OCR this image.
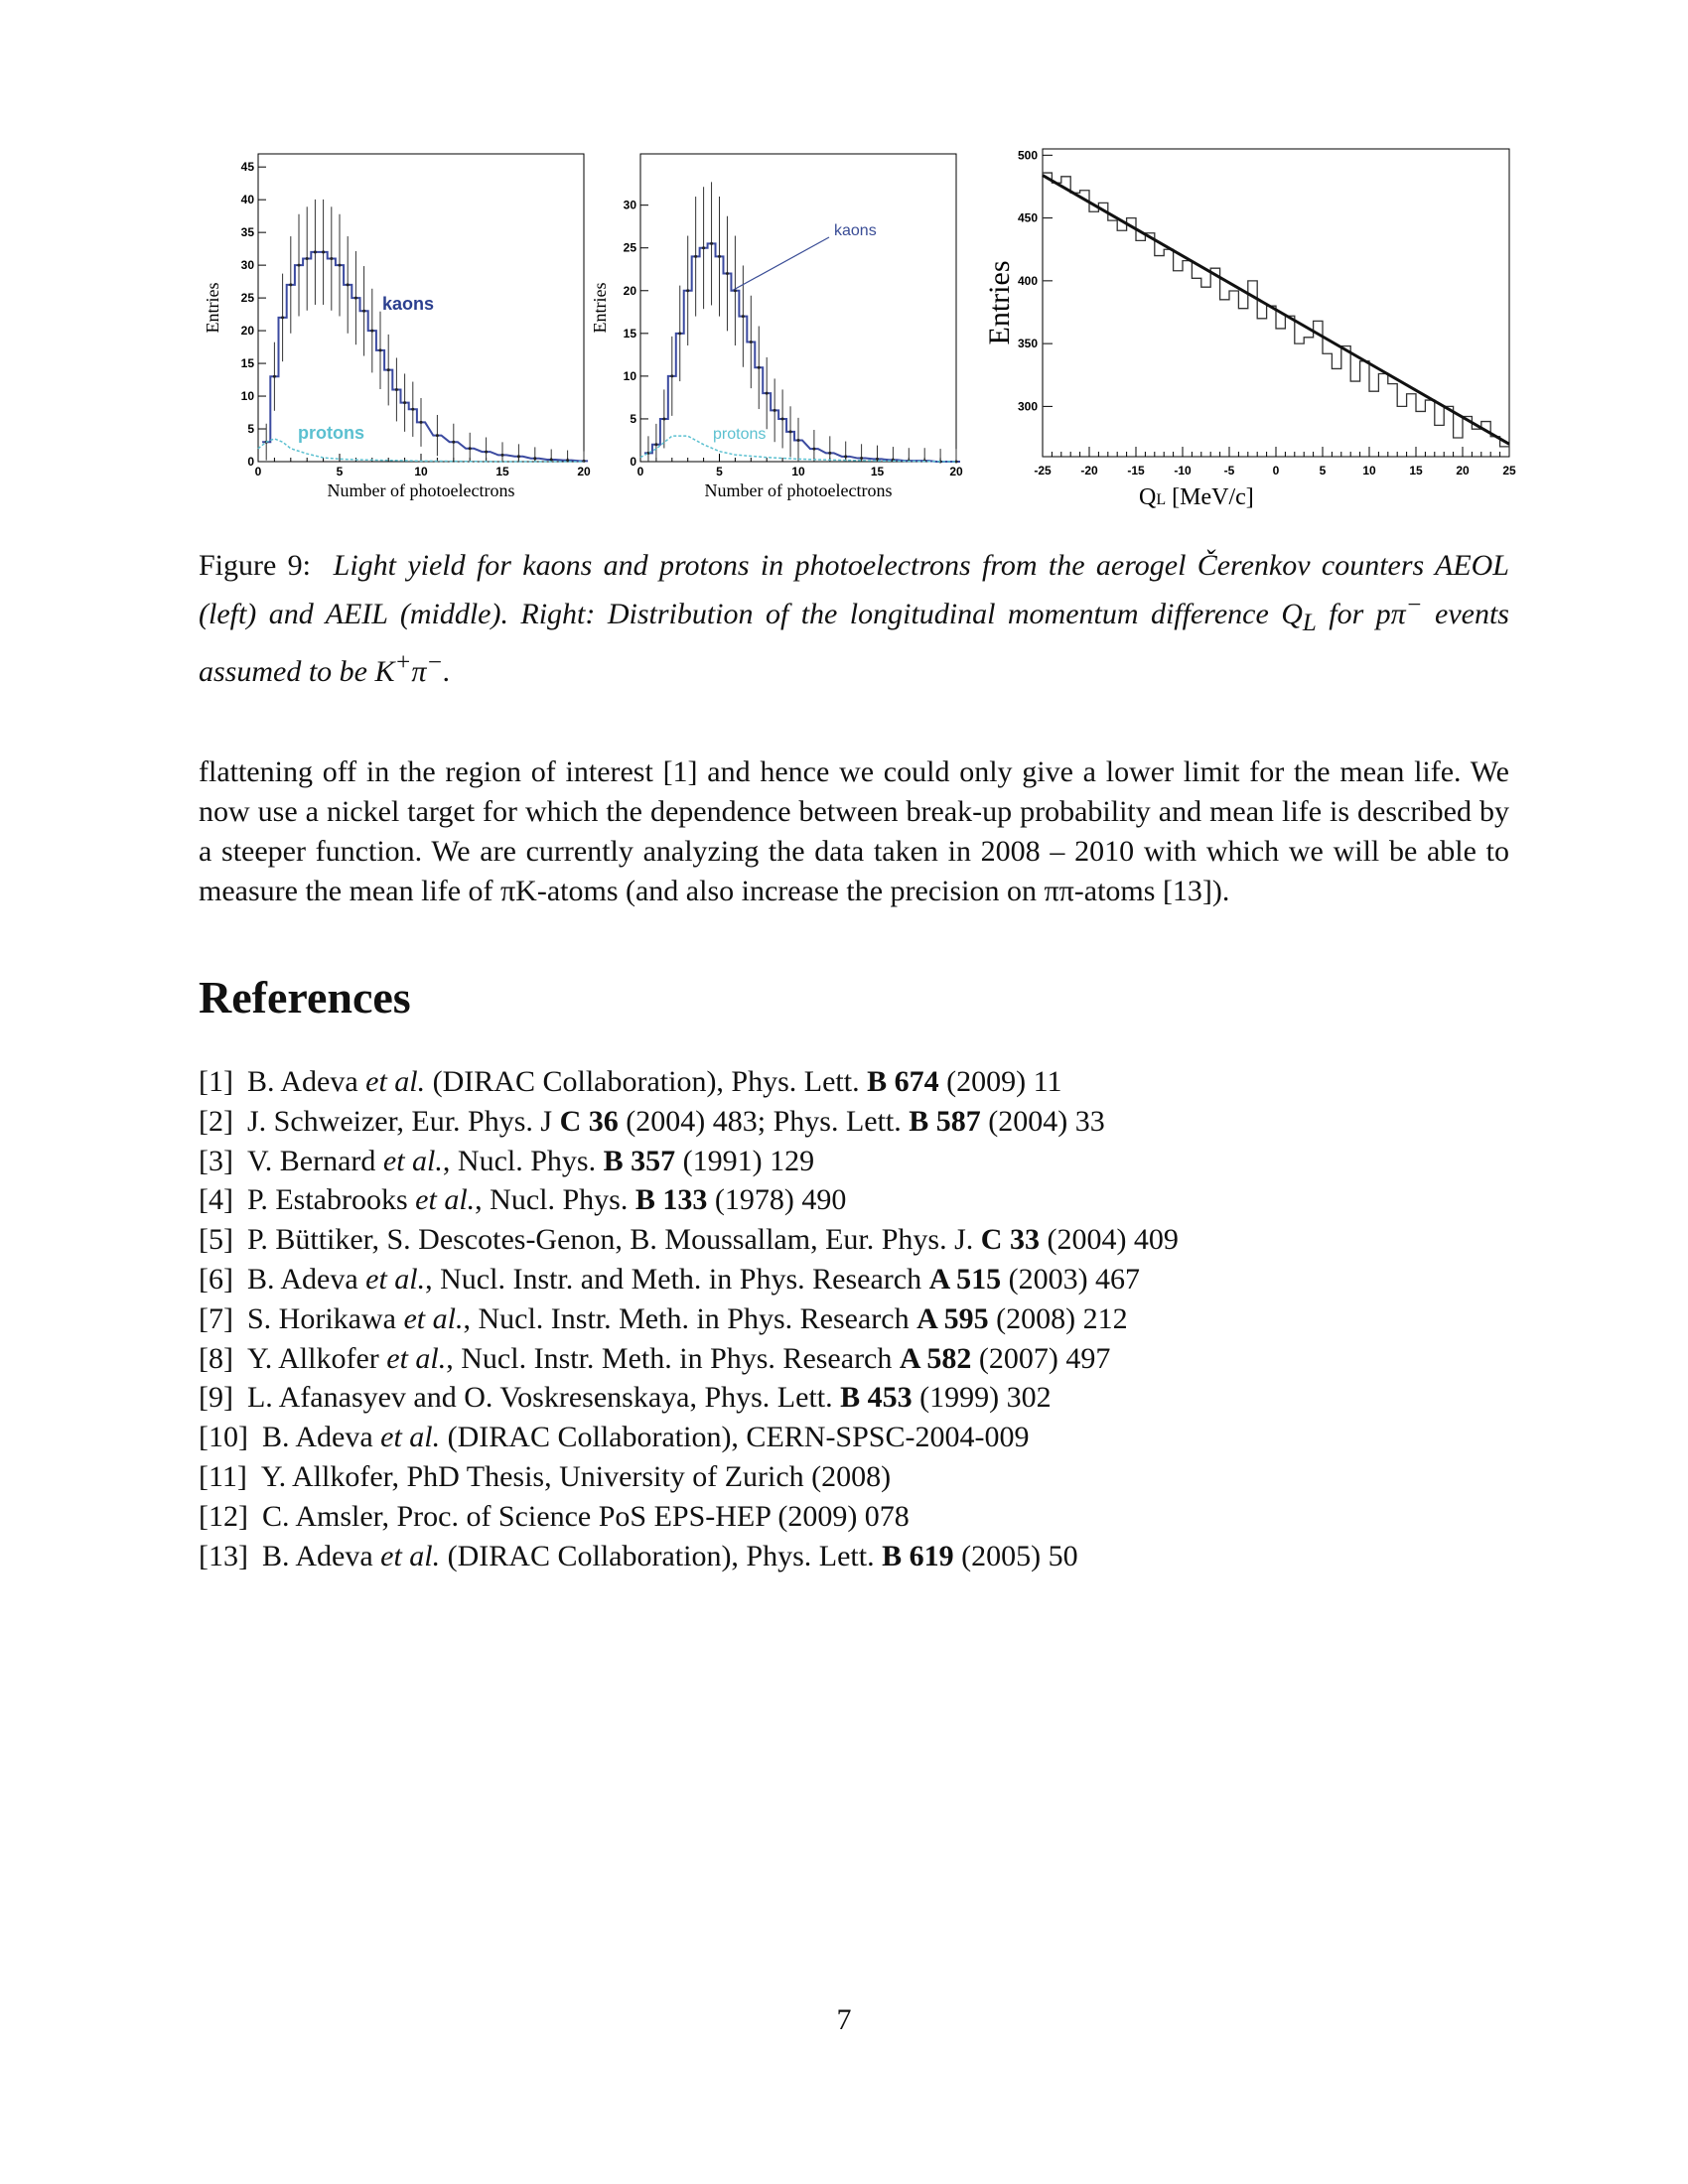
0
5
10
15
20
25
30
35
40
45
0	5	10	15	20
Entries
Number of photoelectrons
kaons
protons
0
5
10
15
20
25
30
0	5	10	15	20
Entries
Number of photoelectrons
kaons
protons
300
350
400
450
500
-25 -20 -15 -10	-5	0	5	10	15	20	25
Entries
QL [MeV/c]
Figure 9: Light yield for kaons and protons in photoelectrons from the aerogel Čerenkov counters AEOL (left) and AEIL (middle). Right: Distribution of the longitudinal momentum difference $Q_L$ for pπ− events assumed to be K+π−.

flattening off in the region of interest [1] and hence we could only give a lower limit for the mean life. We now use a nickel target for which the dependence between break-up probability and mean life is described by a steeper function. We are currently analyzing the data taken in 2008 – 2010 with which we will be able to measure the mean life of πK-atoms (and also increase the precision on ππ-atoms [13]).

References
[1] B. Adeva et al. (DIRAC Collaboration), Phys. Lett. B 674 (2009) 11
[2] J. Schweizer, Eur. Phys. J C 36 (2004) 483; Phys. Lett. B 587 (2004) 33
[3] V. Bernard et al., Nucl. Phys. B 357 (1991) 129
[4] P. Estabrooks et al., Nucl. Phys. B 133 (1978) 490
[5] P. Büttiker, S. Descotes-Genon, B. Moussallam, Eur. Phys. J. C 33 (2004) 409
[6] B. Adeva et al., Nucl. Instr. and Meth. in Phys. Research A 515 (2003) 467
[7] S. Horikawa et al., Nucl. Instr. Meth. in Phys. Research A 595 (2008) 212
[8] Y. Allkofer et al., Nucl. Instr. Meth. in Phys. Research A 582 (2007) 497
[9] L. Afanasyev and O. Voskresenskaya, Phys. Lett. B 453 (1999) 302
[10] B. Adeva et al. (DIRAC Collaboration), CERN-SPSC-2004-009
[11] Y. Allkofer, PhD Thesis, University of Zurich (2008)
[12] C. Amsler, Proc. of Science PoS EPS-HEP (2009) 078
[13] B. Adeva et al. (DIRAC Collaboration), Phys. Lett. B 619 (2005) 50
7
